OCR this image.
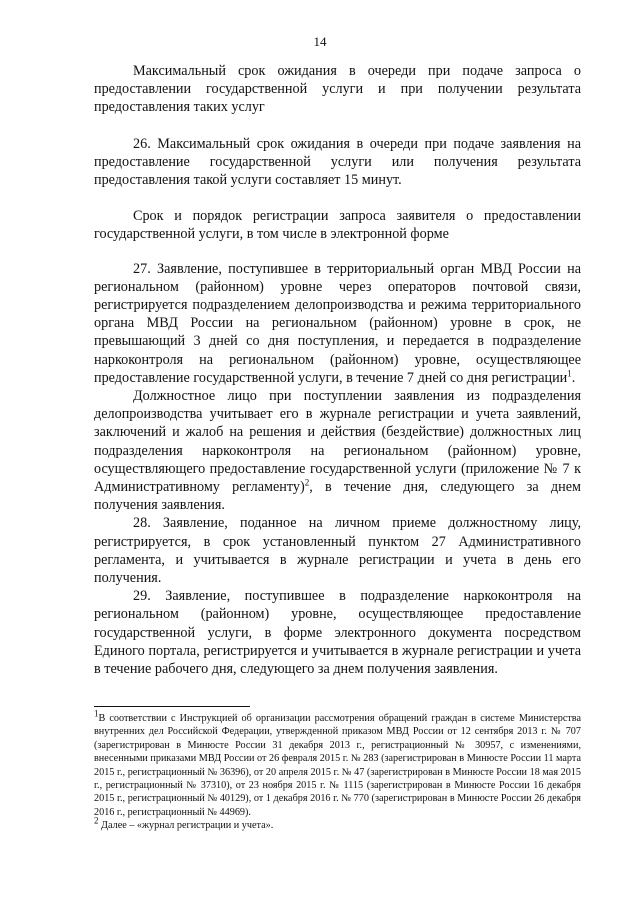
14

Максимальный срок ожидания в очереди при подаче запроса о предоставлении государственной услуги и при получении результата предоставления таких услуг

26. Максимальный срок ожидания в очереди при подаче заявления на предоставление государственной услуги или получения результата предоставления такой услуги составляет 15 минут.

Срок и порядок регистрации запроса заявителя о предоставлении государственной услуги, в том числе в электронной форме

27. Заявление, поступившее в территориальный орган МВД России на региональном (районном) уровне через операторов почтовой связи, регистрируется подразделением делопроизводства и режима территориального органа МВД России на региональном (районном) уровне в срок, не превышающий 3 дней со дня поступления, и передается в подразделение наркоконтроля на региональном (районном) уровне, осуществляющее предоставление государственной услуги, в течение 7 дней со дня регистрации$^1$.

Должностное лицо при поступлении заявления из подразделения делопроизводства учитывает его в журнале регистрации и учета заявлений, заключений и жалоб на решения и действия (бездействие) должностных лиц подразделения наркоконтроля на региональном (районном) уровне, осуществляющего предоставление государственной услуги (приложение № 7 к Административному регламенту)$^2$, в течение дня, следующего за днем получения заявления.

28. Заявление, поданное на личном приеме должностному лицу, регистрируется, в срок установленный пунктом 27 Административного регламента, и учитывается в журнале регистрации и учета в день его получения.

29. Заявление, поступившее в подразделение наркоконтроля на региональном (районном) уровне, осуществляющее предоставление государственной услуги, в форме электронного документа посредством Единого портала, регистрируется и учитывается в журнале регистрации и учета в течение рабочего дня, следующего за днем получения заявления.

$^1$В соответствии с Инструкцией об организации рассмотрения обращений граждан в системе Министерства внутренних дел Российской Федерации, утвержденной приказом МВД России от 12 сентября 2013 г. № 707 (зарегистрирован в Минюсте России 31 декабря 2013 г., регистрационный № 30957, с изменениями, внесенными приказами МВД России от 26 февраля 2015 г. № 283 (зарегистрирован в Минюсте России 11 марта 2015 г., регистрационный № 36396), от 20 апреля 2015 г. № 47 (зарегистрирован в Минюсте России 18 мая 2015 г., регистрационный № 37310), от 23 ноября 2015 г. № 1115 (зарегистрирован в Минюсте России 16 декабря 2015 г., регистрационный № 40129), от 1 декабря 2016 г. № 770 (зарегистрирован в Минюсте России 26 декабря 2016 г., регистрационный № 44969).

$^2$ Далее – «журнал регистрации и учета».
